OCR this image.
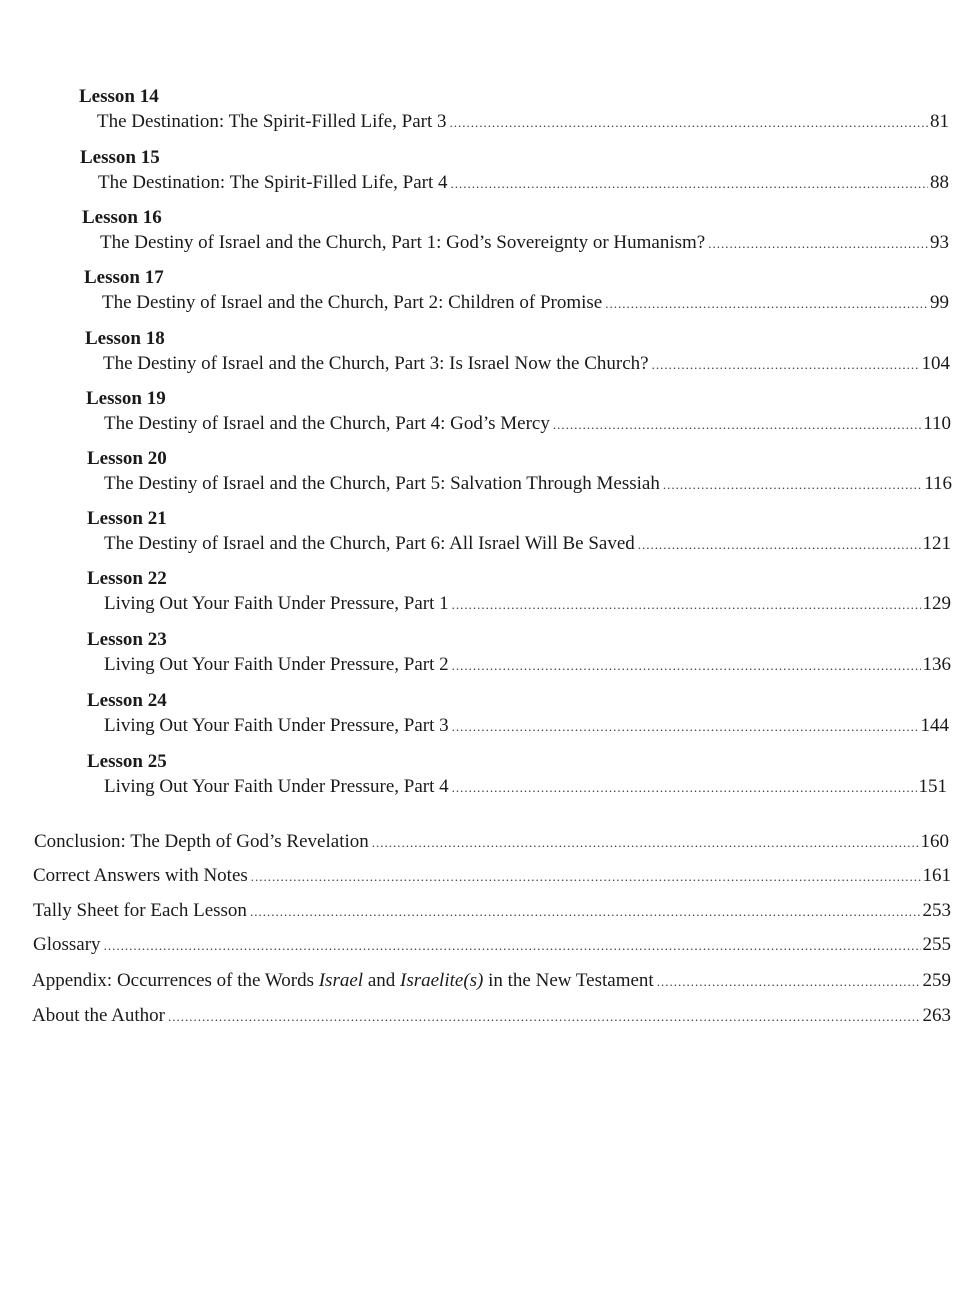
Lesson 14
The Destination: The Spirit-Filled Life, Part 3 .....	81
Lesson 15
The Destination: The Spirit-Filled Life, Part 4 .....	88
Lesson 16
The Destiny of Israel and the Church, Part 1: God’s Sovereignty or Humanism? .....	93
Lesson 17
The Destiny of Israel and the Church, Part 2: Children of Promise .....	99
Lesson 18
The Destiny of Israel and the Church, Part 3: Is Israel Now the Church? .....	104
Lesson 19
The Destiny of Israel and the Church, Part 4: God’s Mercy .....	110
Lesson 20
The Destiny of Israel and the Church, Part 5: Salvation Through Messiah .....	116
Lesson 21
The Destiny of Israel and the Church, Part 6: All Israel Will Be Saved .....	121
Lesson 22
Living Out Your Faith Under Pressure, Part 1 .....	129
Lesson 23
Living Out Your Faith Under Pressure, Part 2 .....	136
Lesson 24
Living Out Your Faith Under Pressure, Part 3 .....	144
Lesson 25
Living Out Your Faith Under Pressure, Part 4 .....	151
Conclusion: The Depth of God’s Revelation .....	160
Correct Answers with Notes .....	161
Tally Sheet for Each Lesson .....	253
Glossary .....	255
Appendix: Occurrences of the Words Israel and Israelite(s) in the New Testament .....	259
About the Author .....	263
